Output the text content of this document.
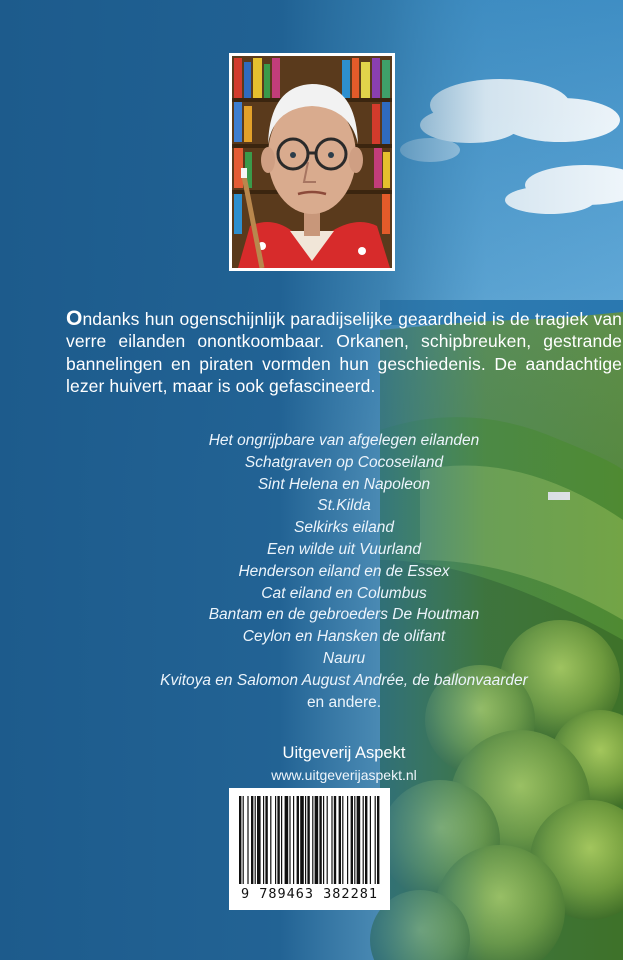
Ondanks hun ogenschijnlijk paradijselijke geaardheid is de tragiek van verre eilanden onontkoombaar. Orkanen, schipbreuken, gestrande bannelingen en piraten vormden hun geschiedenis. De aandachtige lezer huivert, maar is ook gefascineerd.

Het ongrijpbare van afgelegen eilanden
Schatgraven op Cocoseiland
Sint Helena en Napoleon
St.Kilda
Selkirks eiland
Een wilde uit Vuurland
Henderson eiland en de Essex
Cat eiland en Columbus
Bantam en de gebroeders De Houtman
Ceylon en Hansken de olifant
Nauru
Kvitoya en Salomon August Andrée, de ballonvaarder
en andere.
Uitgeverij Aspekt
www.uitgeverijaspekt.nl
9 789463 382281
